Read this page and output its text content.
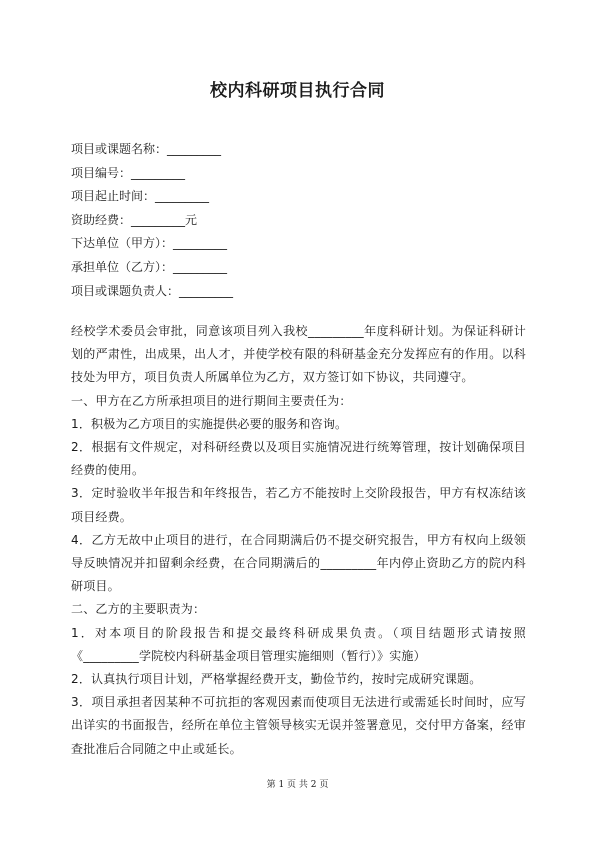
校内科研项目执行合同
项目或课题名称：_________
项目编号：_________
项目起止时间：_________
资助经费：_________元
下达单位（甲方）：_________
承担单位（乙方）：_________
项目或课题负责人：_________

经校学术委员会审批，同意该项目列入我校_________年度科研计划。为保证科研计划的严肃性，出成果，出人才，并使学校有限的科研基金充分发挥应有的作用。以科技处为甲方，项目负责人所属单位为乙方，双方签订如下协议，共同遵守。

一、甲方在乙方所承担项目的进行期间主要责任为：

1．积极为乙方项目的实施提供必要的服务和咨询。

2．根据有文件规定，对科研经费以及项目实施情况进行统筹管理，按计划确保项目经费的使用。

3．定时验收半年报告和年终报告，若乙方不能按时上交阶段报告，甲方有权冻结该项目经费。

4．乙方无故中止项目的进行，在合同期满后仍不提交研究报告，甲方有权向上级领导反映情况并扣留剩余经费，在合同期满后的_________年内停止资助乙方的院内科研项目。

二、乙方的主要职责为：

1．对本项目的阶段报告和提交最终科研成果负责。（项目结题形式请按照《_________学院校内科研基金项目管理实施细则（暂行）》实施）

2．认真执行项目计划，严格掌握经费开支，勤俭节约，按时完成研究课题。

3．项目承担者因某种不可抗拒的客观因素而使项目无法进行或需延长时间时，应写出详实的书面报告，经所在单位主管领导核实无误并签署意见，交付甲方备案，经审查批准后合同随之中止或延长。

第 1 页 共 2 页
